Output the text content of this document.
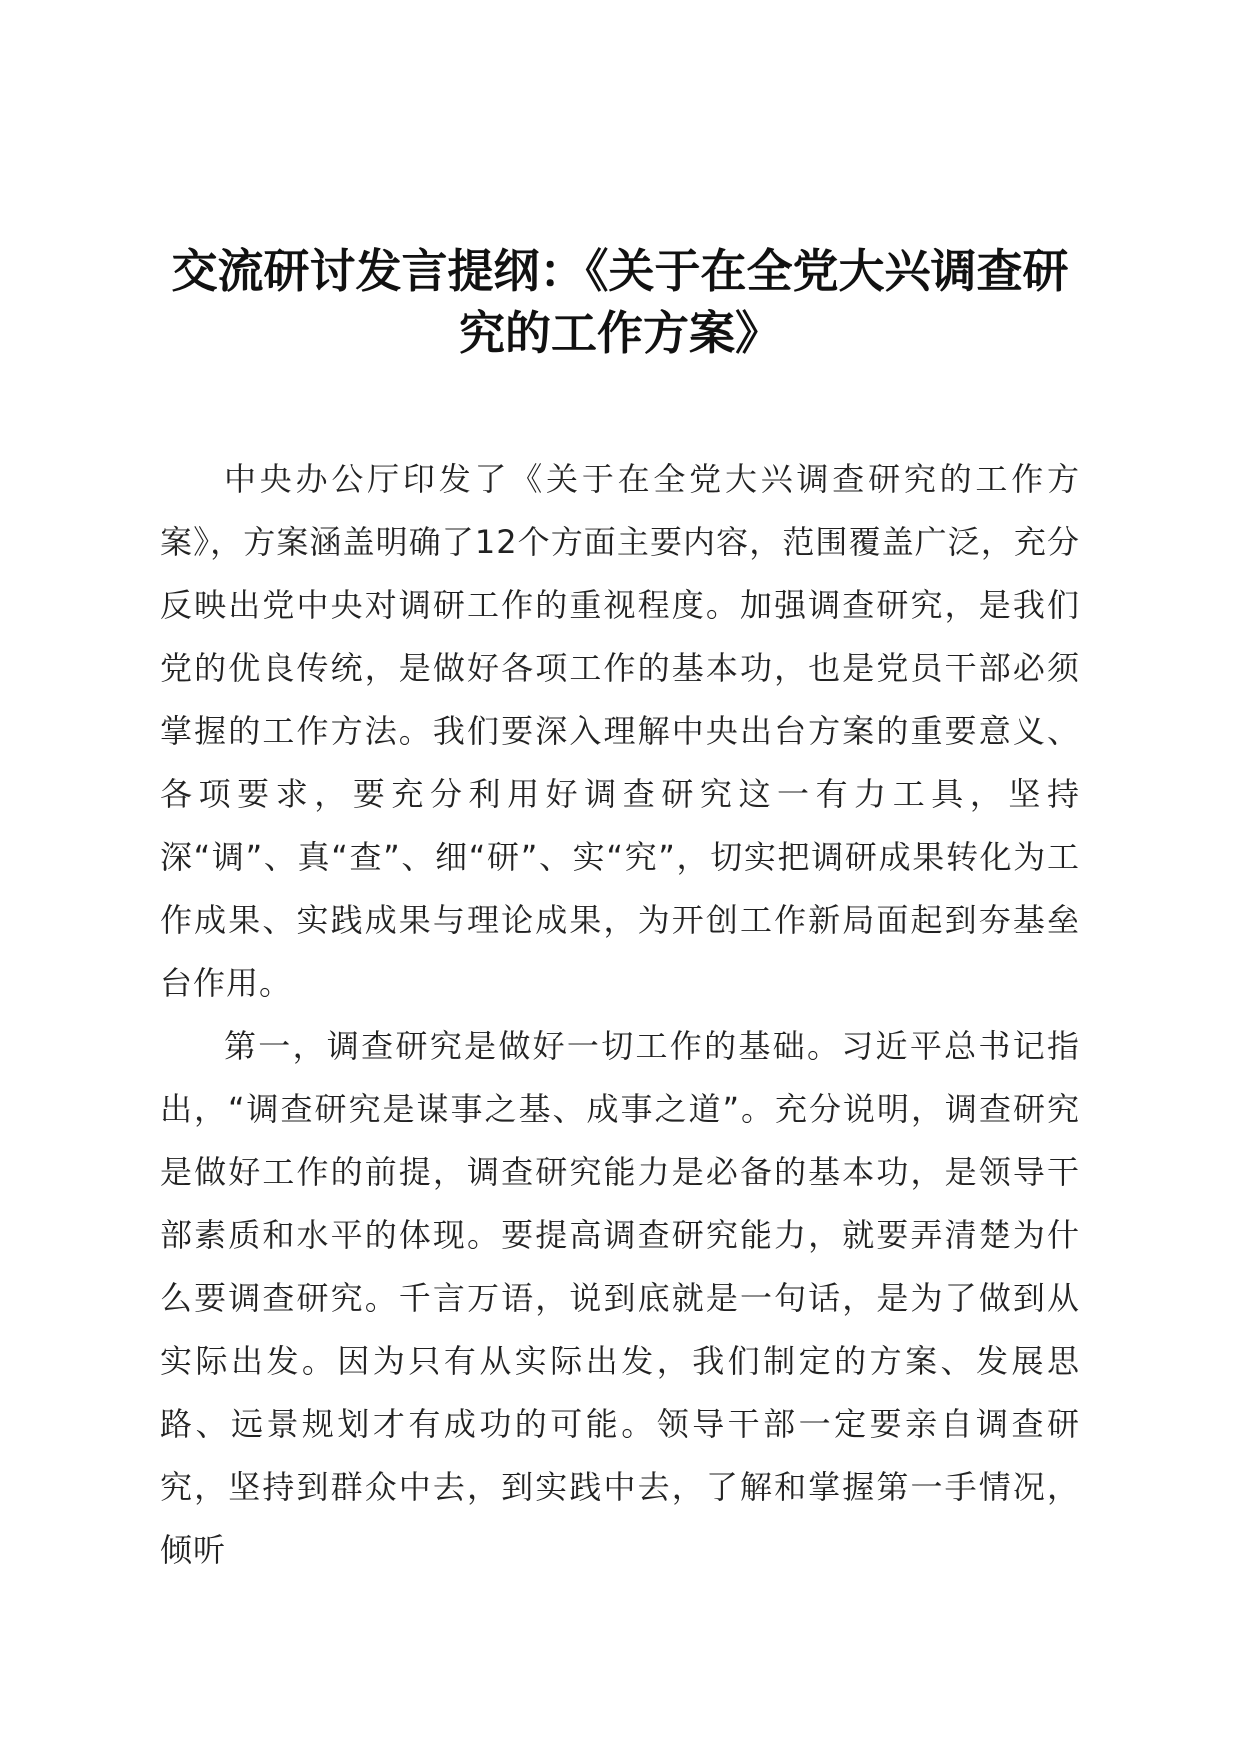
交流研讨发言提纲：《关于在全党大兴调查研究的工作方案》

中央办公厅印发了《关于在全党大兴调查研究的工作方案》，方案涵盖明确了12个方面主要内容，范围覆盖广泛，充分反映出党中央对调研工作的重视程度。加强调查研究，是我们党的优良传统，是做好各项工作的基本功，也是党员干部必须掌握的工作方法。我们要深入理解中央出台方案的重要意义、各项要求，要充分利用好调查研究这一有力工具，坚持深“调”、真“查”、细“研”、实“究”，切实把调研成果转化为工作成果、实践成果与理论成果，为开创工作新局面起到夯基垒台作用。

第一，调查研究是做好一切工作的基础。习近平总书记指出，“调查研究是谋事之基、成事之道”。充分说明，调查研究是做好工作的前提，调查研究能力是必备的基本功，是领导干部素质和水平的体现。要提高调查研究能力，就要弄清楚为什么要调查研究。千言万语，说到底就是一句话，是为了做到从实际出发。因为只有从实际出发，我们制定的方案、发展思路、远景规划才有成功的可能。领导干部一定要亲自调查研究，坚持到群众中去，到实践中去，了解和掌握第一手情况，倾听
